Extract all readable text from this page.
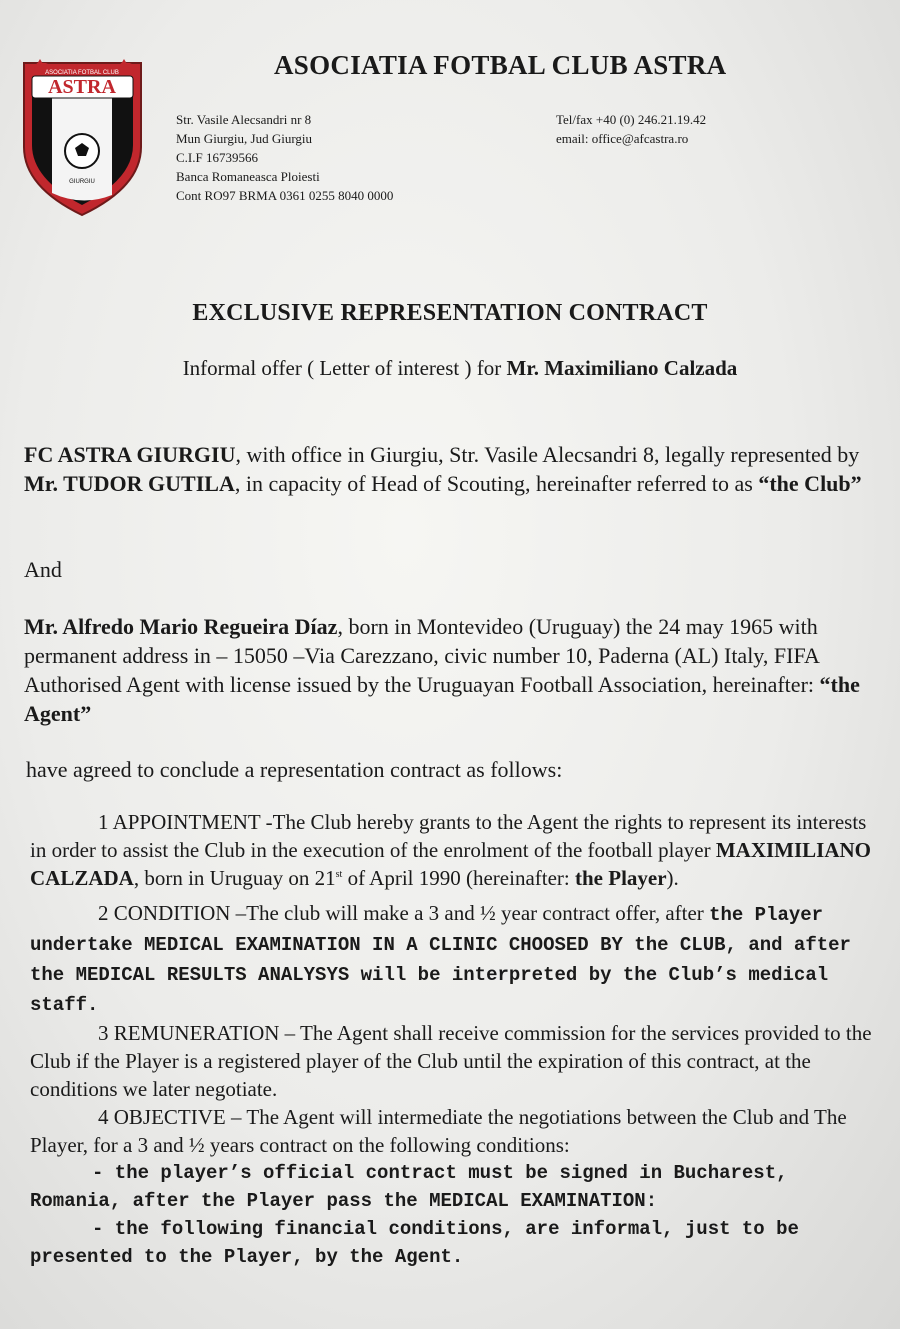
ASOCIATIA FOTBAL CLUB
ASTRA
GIURGIU
ASOCIATIA FOTBAL CLUB ASTRA
Str. Vasile Alecsandri nr 8
Mun Giurgiu, Jud Giurgiu
C.I.F 16739566
Banca Romaneasca Ploiesti
Cont RO97 BRMA 0361 0255 8040 0000
Tel/fax +40 (0) 246.21.19.42
email: office@afcastra.ro
EXCLUSIVE REPRESENTATION CONTRACT
Informal offer ( Letter of interest ) for Mr. Maximiliano Calzada
FC ASTRA GIURGIU, with office in Giurgiu, Str. Vasile Alecsandri 8, legally represented by Mr. TUDOR GUTILA, in capacity of Head of Scouting, hereinafter referred to as “the Club”
And
Mr. Alfredo Mario Regueira Díaz, born in Montevideo (Uruguay) the 24 may 1965 with permanent address in – 15050 –Via Carezzano, civic number 10, Paderna (AL) Italy, FIFA Authorised Agent with license issued by the Uruguayan Football Association, hereinafter: “the Agent”
have agreed to conclude a representation contract as follows:
1 APPOINTMENT -The Club hereby grants to the Agent the rights to represent its interests in order to assist the Club in the execution of the enrolment of the football player MAXIMILIANO CALZADA, born in Uruguay on 21st of April 1990 (hereinafter: the Player).
2 CONDITION –The club will make a 3 and ½ year contract offer, after the Player undertake MEDICAL EXAMINATION IN A CLINIC CHOOSED BY the CLUB, and after the MEDICAL RESULTS ANALYSYS will be interpreted by the Club’s medical staff.
3 REMUNERATION – The Agent shall receive commission for the services provided to the Club if the Player is a registered player of the Club until the expiration of this contract, at the conditions we later negotiate.
4 OBJECTIVE – The Agent will intermediate the negotiations between the Club and The Player, for a 3 and ½ years contract on the following conditions:
- the player’s official contract must be signed in Bucharest, Romania, after the Player pass the MEDICAL EXAMINATION:
- the following financial conditions, are informal, just to be presented to the Player, by the Agent.
